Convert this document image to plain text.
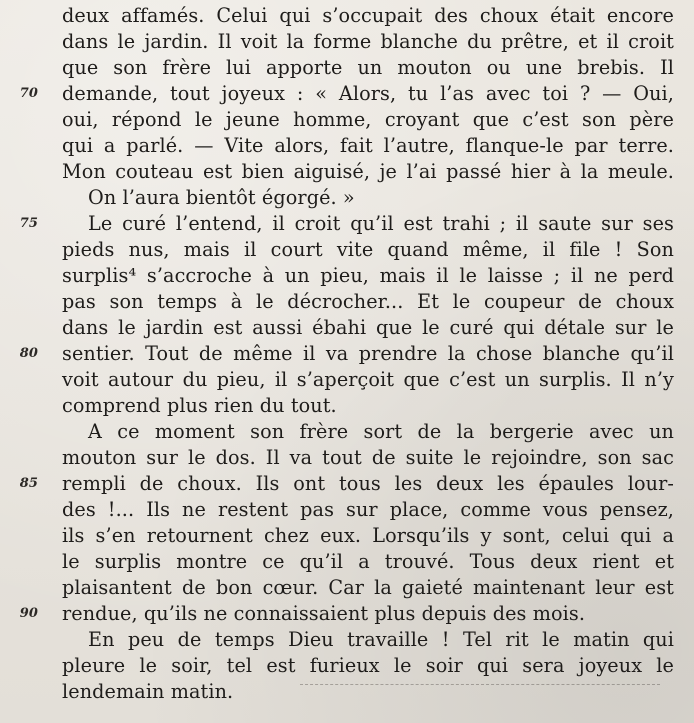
deux affamés. Celui qui s’occupait des choux était encore
dans le jardin. Il voit la forme blanche du prêtre, et il croit
que son frère lui apporte un mouton ou une brebis. Il
70 demande, tout joyeux : « Alors, tu l’as avec toi ? — Oui,
oui, répond le jeune homme, croyant que c’est son père
qui a parlé. — Vite alors, fait l’autre, flanque-le par terre.
Mon couteau est bien aiguisé, je l’ai passé hier à la meule.
On l’aura bientôt égorgé. »
75	Le curé l’entend, il croit qu’il est trahi ; il saute sur ses
pieds nus, mais il court vite quand même, il file ! Son
surplis⁴ s’accroche à un pieu, mais il le laisse ; il ne perd
pas son temps à le décrocher... Et le coupeur de choux
dans le jardin est aussi ébahi que le curé qui détale sur le
80 sentier. Tout de même il va prendre la chose blanche qu’il
voit autour du pieu, il s’aperçoit que c’est un surplis. Il n’y
comprend plus rien du tout.
A ce moment son frère sort de la bergerie avec un
mouton sur le dos. Il va tout de suite le rejoindre, son sac
85 rempli de choux. Ils ont tous les deux les épaules lour-
des !... Ils ne restent pas sur place, comme vous pensez,
ils s’en retournent chez eux. Lorsqu’ils y sont, celui qui a
le surplis montre ce qu’il a trouvé. Tous deux rient et
plaisantent de bon cœur. Car la gaieté maintenant leur est
90 rendue, qu’ils ne connaissaient plus depuis des mois.
En peu de temps Dieu travaille ! Tel rit le matin qui
pleure le soir, tel est furieux le soir qui sera joyeux le
lendemain matin.
